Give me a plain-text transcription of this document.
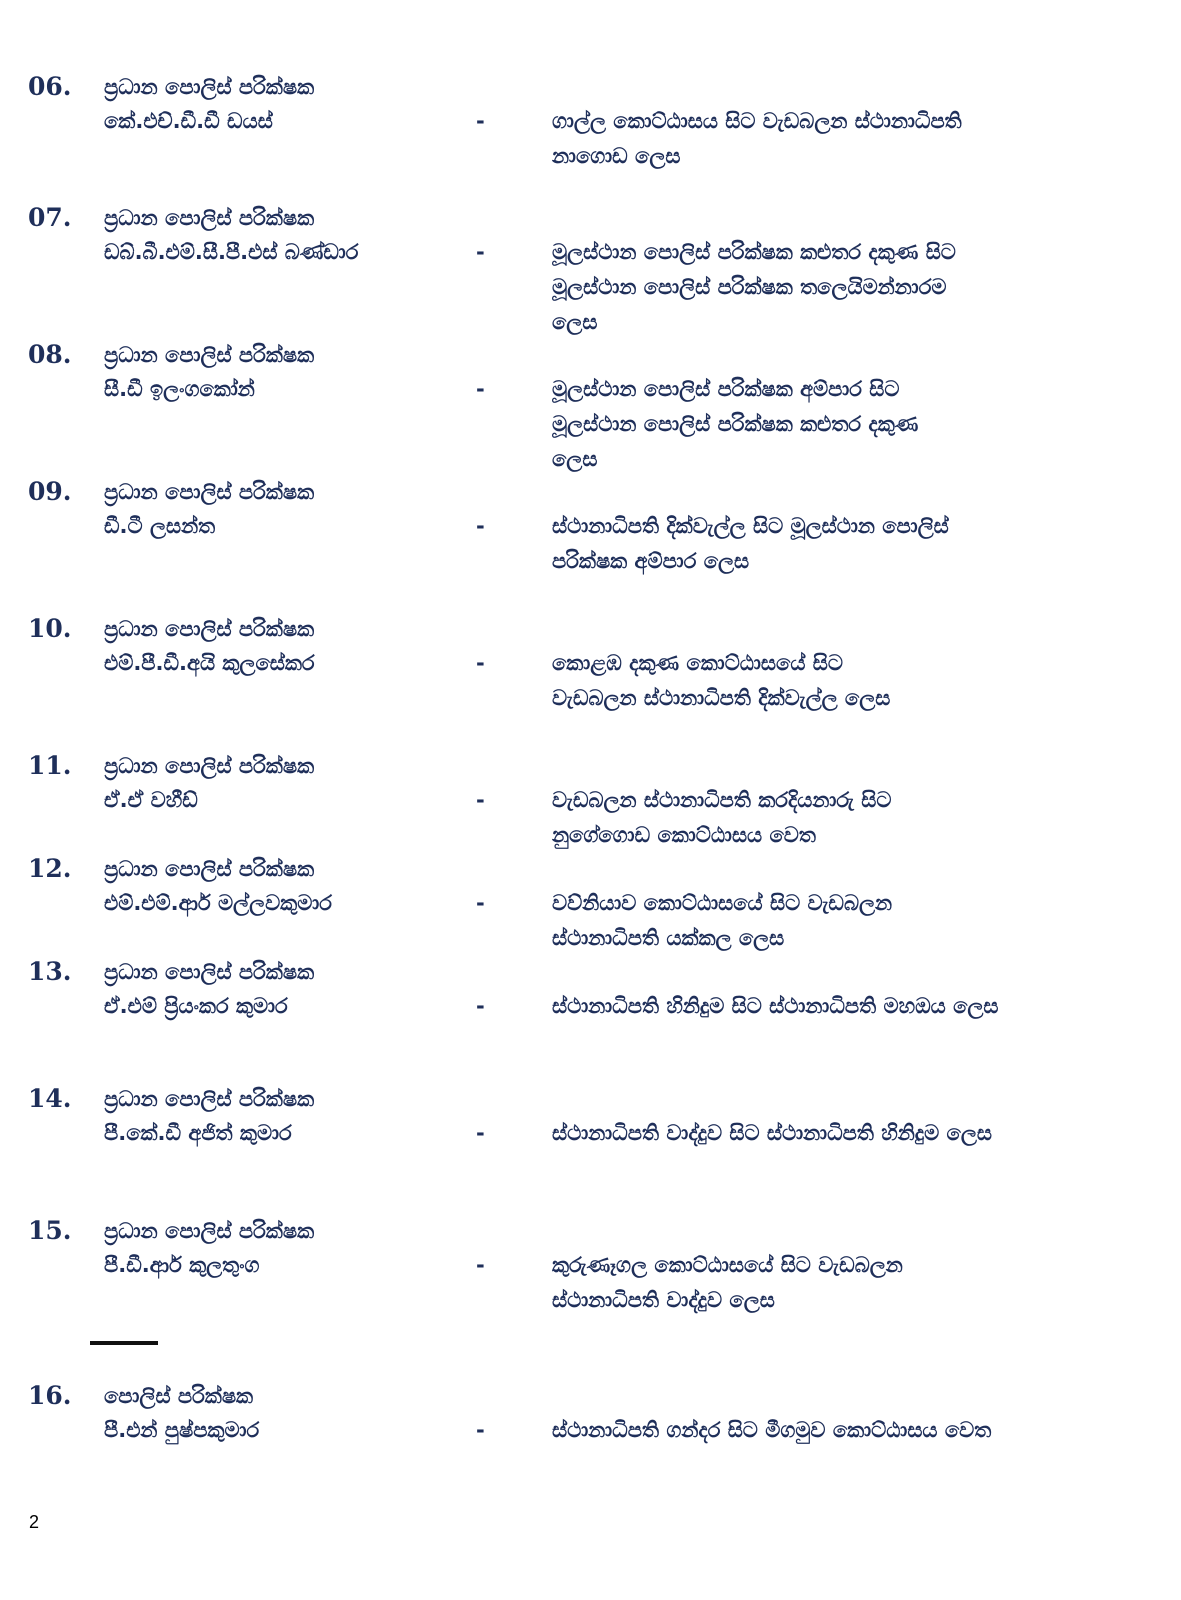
06. ප්‍රධාන පොලිස් පරික්ෂක
කේ.එච්.ඩී.ඩී ඩයස්	-	ගාල්ල කොට්ඨාසය සිට වැඩබලන ස්ථානාධිපති
නාගොඩ ලෙස
07. ප්‍රධාන පොලිස් පරික්ෂක
ඩබ්.බී.එම්.සී.පී.එස් බණ්ඩාර	-	මූලස්ථාන පොලිස් පරික්ෂක කළුතර දකුණ සිට
මූලස්ථාන පොලිස් පරික්ෂක තලෙයිමන්නාරම
ලෙස
08. ප්‍රධාන පොලිස් පරික්ෂක
සී.ඩී ඉලංගකෝන්	-	මූලස්ථාන පොලිස් පරික්ෂක අම්පාර සිට
මූලස්ථාන පොලිස් පරික්ෂක කළුතර දකුණ
ලෙස
09. ප්‍රධාන පොලිස් පරික්ෂක
ඩී.ටී ලසන්ත	-	ස්ථානාධිපති දික්වැල්ල සිට මූලස්ථාන පොලිස්
පරික්ෂක අම්පාර ලෙස
10. ප්‍රධාන පොලිස් පරික්ෂක
එම්.පී.ඩී.අයි කුලසේකර	-	කොළඹ දකුණ කොට්ඨාසයේ සිට
වැඩබලන ස්ථානාධිපති දික්වැල්ල ලෙස
11. ප්‍රධාන පොලිස් පරික්ෂක
ඒ.ඒ වහීඩ්	-	වැඩබලන ස්ථානාධිපති කරදියනාරු සිට
නුගේගොඩ කොට්ඨාසය වෙත
12. ප්‍රධාන පොලිස් පරික්ෂක
එම්.එම්.ආර් මල්ලවකුමාර	-	වව්නියාව කොට්ඨාසයේ සිට වැඩබලන
ස්ථානාධිපති යක්කල ලෙස
13. ප්‍රධාන පොලිස් පරික්ෂක
ඒ.එම් ප්‍රියංකර කුමාර	-	ස්ථානාධිපති හිනිදුම සිට ස්ථානාධිපති මහඔය ලෙස
14. ප්‍රධාන පොලිස් පරික්ෂක
පී.කේ.ඩී අජිත් කුමාර	-	ස්ථානාධිපති වාද්දුව සිට ස්ථානාධිපති හිනිදුම ලෙස
15. ප්‍රධාන පොලිස් පරික්ෂක
පී.ඩී.ආර් කුලතුංග	-	කුරුණෑගල කොට්ඨාසයේ සිට වැඩබලන
ස්ථානාධිපති වාද්දුව ලෙස
16. පොලිස් පරික්ෂක
පී.එන් පුෂ්පකුමාර	-	ස්ථානාධිපති ගන්දර සිට මීගමුව කොට්ඨාසය වෙත
2
